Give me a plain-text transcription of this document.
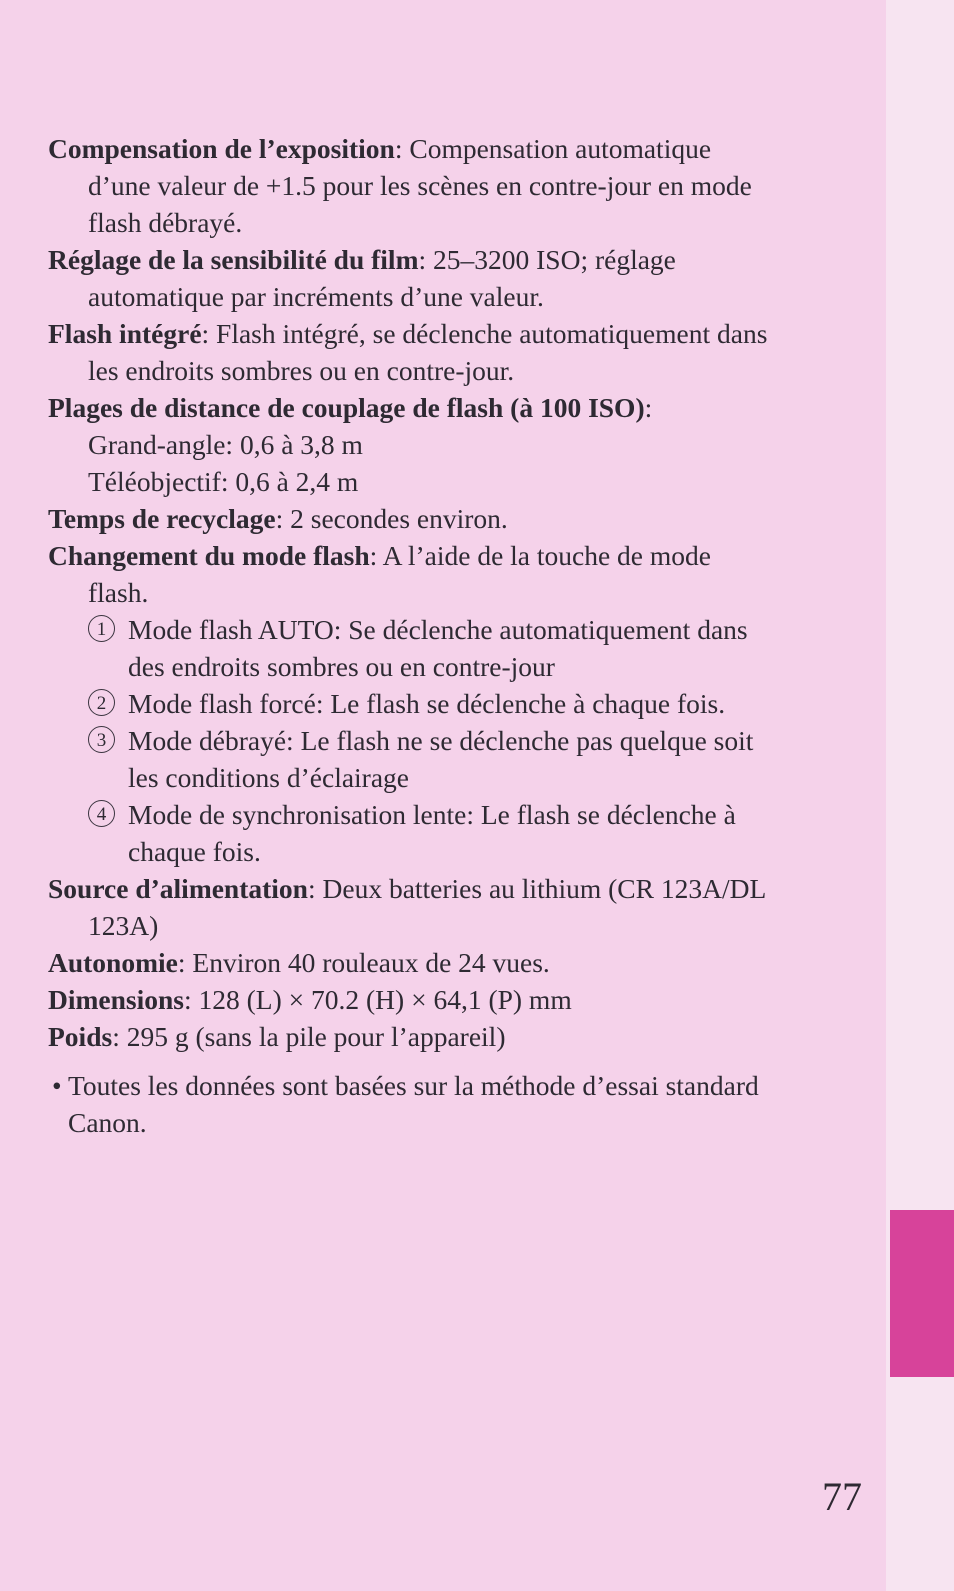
Compensation de l’exposition: Compensation automatique
d’une valeur de +1.5 pour les scènes en contre-jour en mode
flash débrayé.

Réglage de la sensibilité du film: 25–3200 ISO; réglage
automatique par incréments d’une valeur.

Flash intégré: Flash intégré, se déclenche automatiquement dans
les endroits sombres ou en contre-jour.

Plages de distance de couplage de flash (à 100 ISO):
Grand-angle: 0,6 à 3,8 m
Téléobjectif: 0,6 à 2,4 m

Temps de recyclage: 2 secondes environ.

Changement du mode flash: A l’aide de la touche de mode
flash.
1 Mode flash AUTO: Se déclenche automatiquement dans
des endroits sombres ou en contre-jour
2 Mode flash forcé: Le flash se déclenche à chaque fois.
3 Mode débrayé: Le flash ne se déclenche pas quelque soit
les conditions d’éclairage
4 Mode de synchronisation lente: Le flash se déclenche à
chaque fois.

Source d’alimentation: Deux batteries au lithium (CR 123A/DL
123A)

Autonomie: Environ 40 rouleaux de 24 vues.

Dimensions: 128 (L) × 70.2 (H) × 64,1 (P) mm

Poids: 295 g (sans la pile pour l’appareil)

• Toutes les données sont basées sur la méthode d’essai standard
Canon.

77
